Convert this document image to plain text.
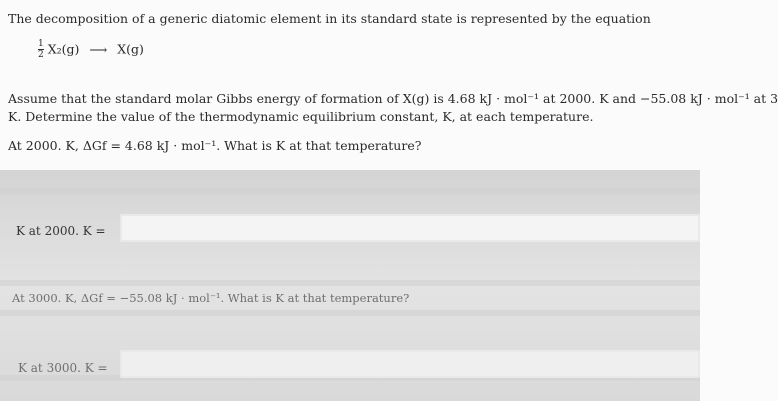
The decomposition of a generic diatomic element in its standard state is represented by the equation
$\frac{1}{2} X_2(g)$ ⟶ X(g)
Assume that the standard molar Gibbs energy of formation of X(g) is 4.68 kJ · mol⁻¹ at 2000. K and −55.08 kJ · mol⁻¹ at 3
K. Determine the value of the thermodynamic equilibrium constant, K, at each temperature.
At 2000. K, ΔGf = 4.68 kJ · mol⁻¹. What is K at that temperature?
K at 2000. K =
At 3000. K, ΔGf = −55.08 kJ · mol⁻¹. What is K at that temperature?
K at 3000. K =
